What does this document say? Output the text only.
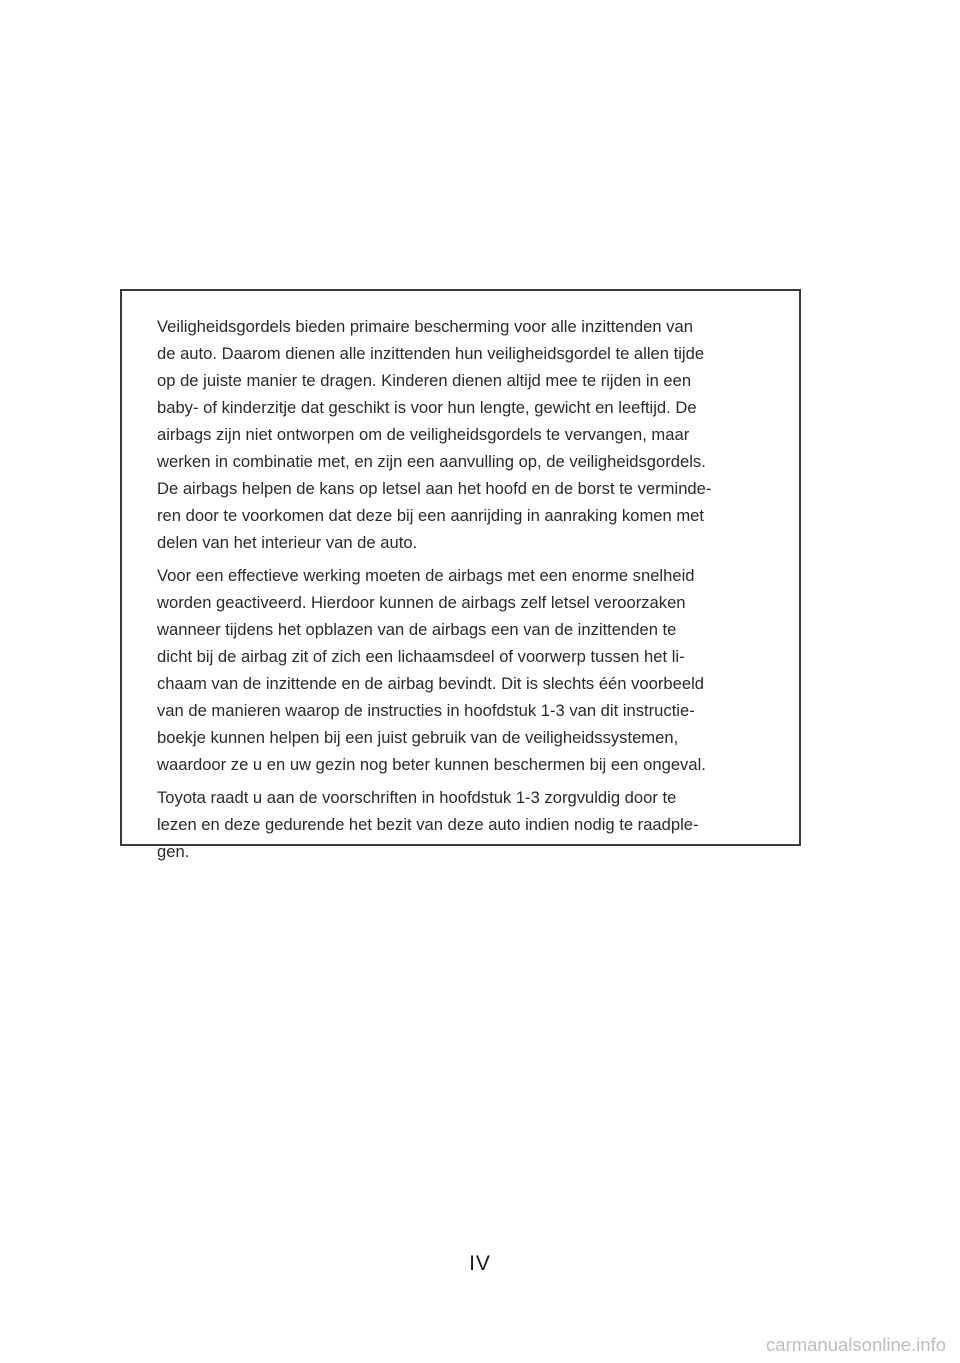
Veiligheidsgordels bieden primaire bescherming voor alle inzittenden van
de auto. Daarom dienen alle inzittenden hun veiligheidsgordel te allen tijde
op de juiste manier te dragen. Kinderen dienen altijd mee te rijden in een
baby- of kinderzitje dat geschikt is voor hun lengte, gewicht en leeftijd. De
airbags zijn niet ontworpen om de veiligheidsgordels te vervangen, maar
werken in combinatie met, en zijn een aanvulling op, de veiligheidsgordels.
De airbags helpen de kans op letsel aan het hoofd en de borst te verminde-
ren door te voorkomen dat deze bij een aanrijding in aanraking komen met
delen van het interieur van de auto.

Voor een effectieve werking moeten de airbags met een enorme snelheid
worden geactiveerd. Hierdoor kunnen de airbags zelf letsel veroorzaken
wanneer tijdens het opblazen van de airbags een van de inzittenden te
dicht bij de airbag zit of zich een lichaamsdeel of voorwerp tussen het li-
chaam van de inzittende en de airbag bevindt. Dit is slechts één voorbeeld
van de manieren waarop de instructies in hoofdstuk 1-3 van dit instructie-
boekje kunnen helpen bij een juist gebruik van de veiligheidssystemen,
waardoor ze u en uw gezin nog beter kunnen beschermen bij een ongeval.

Toyota raadt u aan de voorschriften in hoofdstuk 1-3 zorgvuldig door te
lezen en deze gedurende het bezit van deze auto indien nodig te raadple-
gen.

IV
carmanualsonline.info
